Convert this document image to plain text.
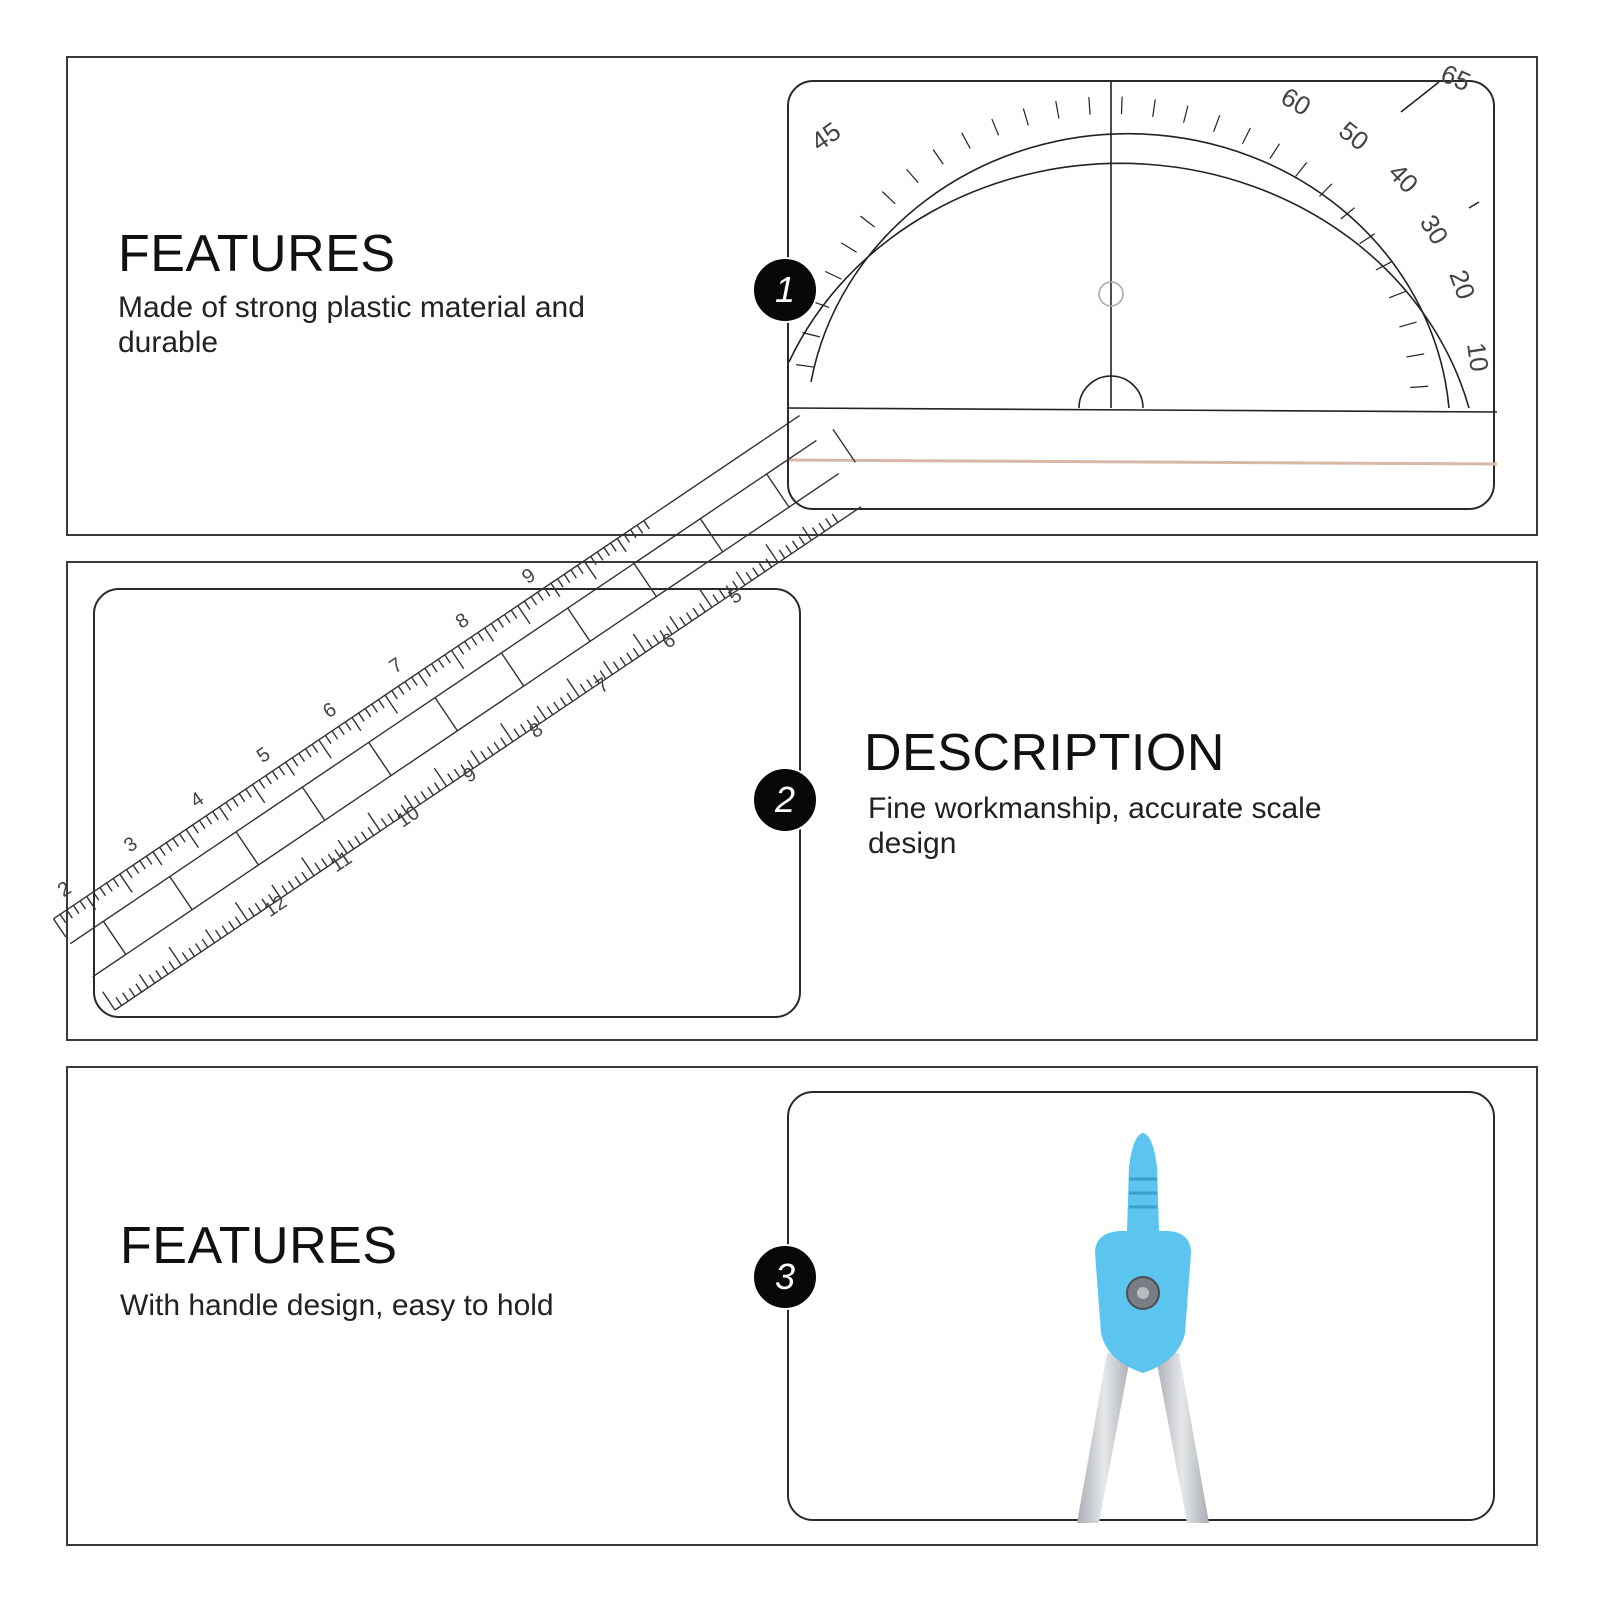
FEATURES

Made of strong plastic material and durable

45
60
50
40
30
20
10
65
1
2
3
4
5
6
7
8
9
12
11
10
9
8
7
6
5
2
DESCRIPTION

Fine workmanship, accurate scale design

FEATURES

With handle design, easy to hold

3
